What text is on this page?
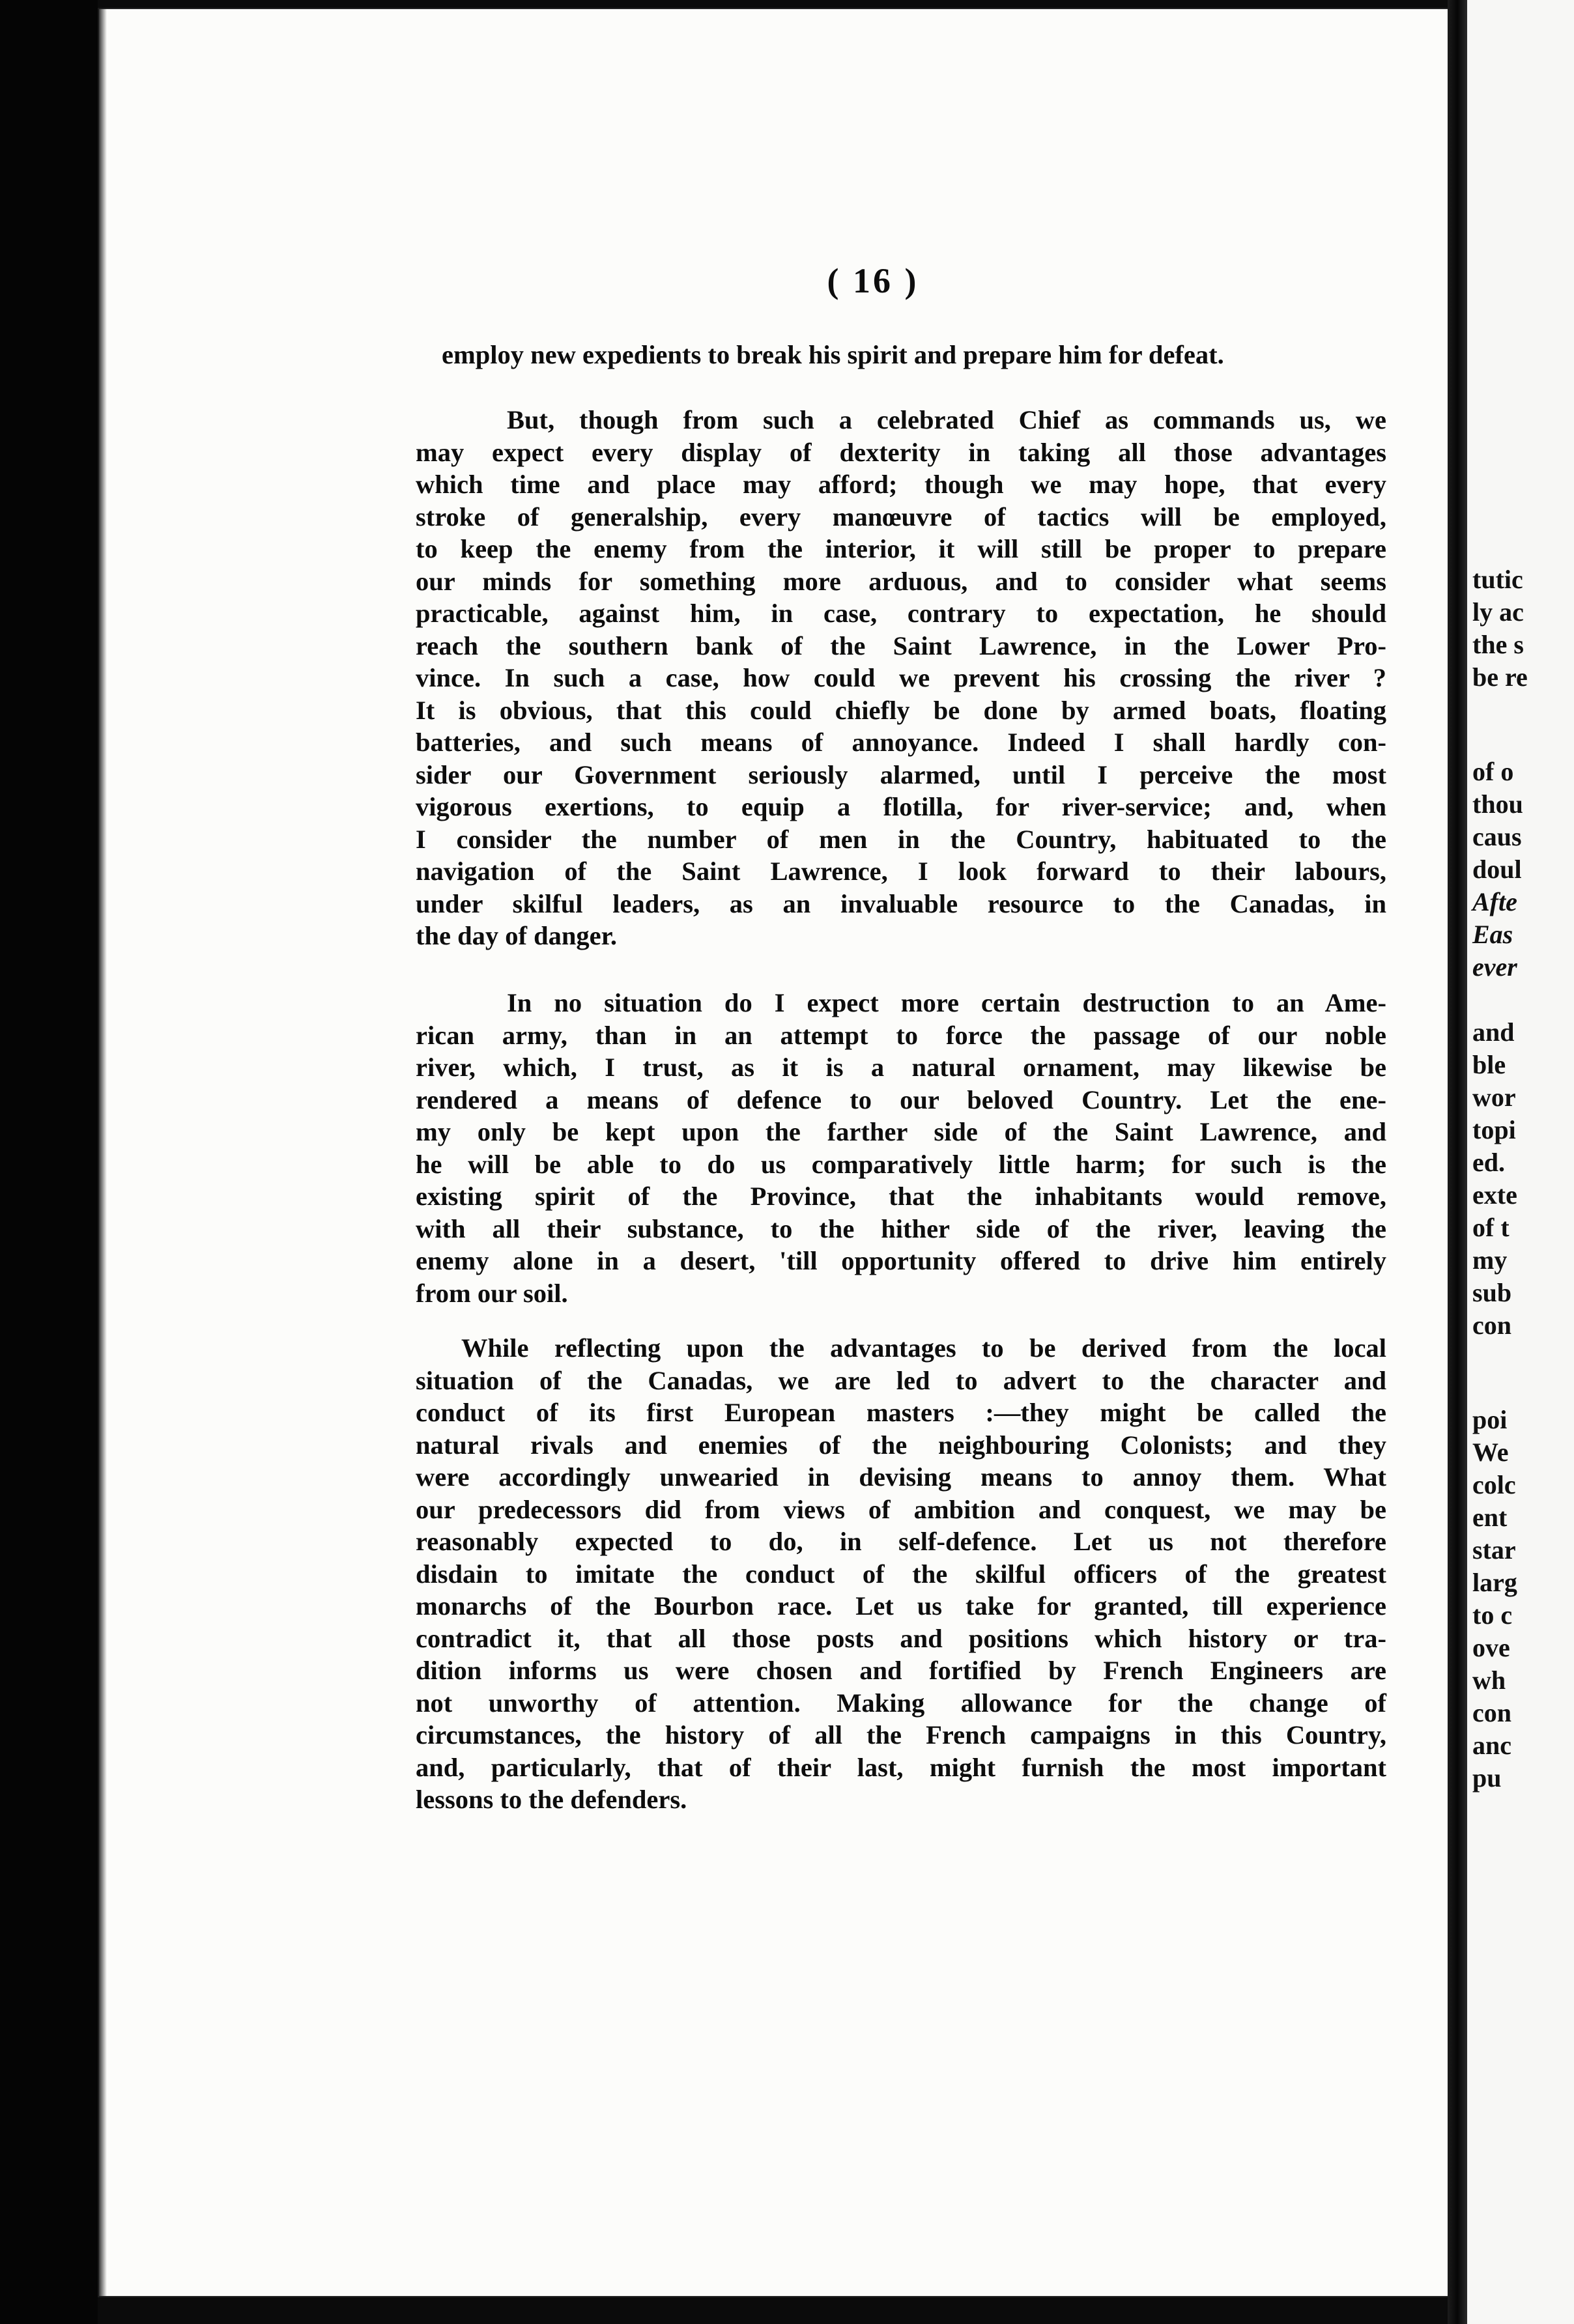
tutic
ly ac
the s
be re
of o
thou
caus
doul
Afte
Eas
ever
and
ble
wor
topi
ed.
exte
of t
my
sub
con
poi
We
colc
ent
star
larg
to c
ove
wh
con
anc
pu
( 16 )
employ new expedients to break his spirit and prepare him for defeat.
But, though from such a celebrated Chief as commands us, we
may expect every display of dexterity in taking all those advantages
which time and place may afford; though we may hope, that every
stroke of generalship, every manœuvre of tactics will be employed,
to keep the enemy from the interior, it will still be proper to prepare
our minds for something more arduous, and to consider what seems
practicable, against him, in case, contrary to expectation, he should
reach the southern bank of the Saint Lawrence, in the Lower Pro-
vince. In such a case, how could we prevent his crossing the river ?
It is obvious, that this could chiefly be done by armed boats, floating
batteries, and such means of annoyance. Indeed I shall hardly con-
sider our Government seriously alarmed, until I perceive the most
vigorous exertions, to equip a flotilla, for river-service; and, when
I consider the number of men in the Country, habituated to the
navigation of the Saint Lawrence, I look forward to their labours,
under skilful leaders, as an invaluable resource to the Canadas, in
the day of danger.
In no situation do I expect more certain destruction to an Ame-
rican army, than in an attempt to force the passage of our noble
river, which, I trust, as it is a natural ornament, may likewise be
rendered a means of defence to our beloved Country. Let the ene-
my only be kept upon the farther side of the Saint Lawrence, and
he will be able to do us comparatively little harm; for such is the
existing spirit of the Province, that the inhabitants would remove,
with all their substance, to the hither side of the river, leaving the
enemy alone in a desert, 'till opportunity offered to drive him entirely
from our soil.
While reflecting upon the advantages to be derived from the local
situation of the Canadas, we are led to advert to the character and
conduct of its first European masters :—they might be called the
natural rivals and enemies of the neighbouring Colonists; and they
were accordingly unwearied in devising means to annoy them. What
our predecessors did from views of ambition and conquest, we may be
reasonably expected to do, in self-defence. Let us not therefore
disdain to imitate the conduct of the skilful officers of the greatest
monarchs of the Bourbon race. Let us take for granted, till experience
contradict it, that all those posts and positions which history or tra-
dition informs us were chosen and fortified by French Engineers are
not unworthy of attention. Making allowance for the change of
circumstances, the history of all the French campaigns in this Country,
and, particularly, that of their last, might furnish the most important
lessons to the defenders.
